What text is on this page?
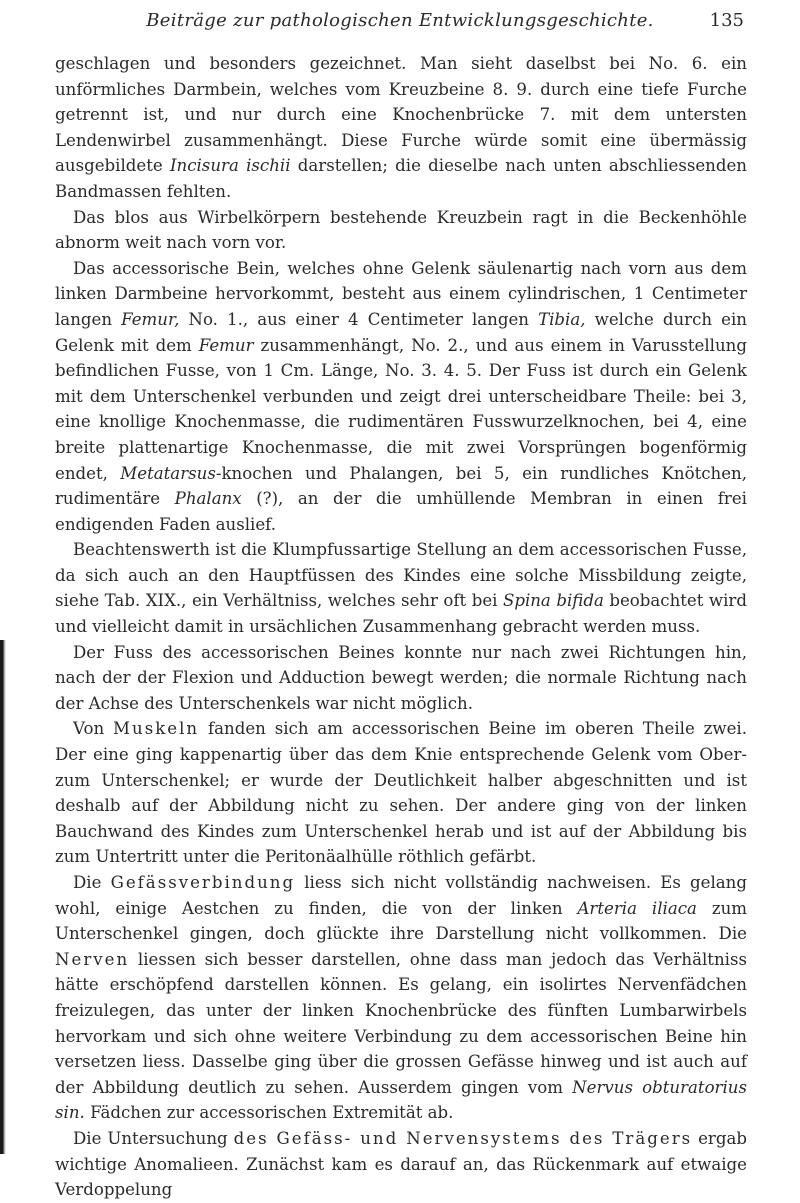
Beiträge zur pathologischen Entwicklungsgeschichte.	135

geschlagen und besonders gezeichnet. Man sieht daselbst bei No. 6. ein unförmliches Darmbein, welches vom Kreuzbeine 8. 9. durch eine tiefe Furche getrennt ist, und nur durch eine Knochenbrücke 7. mit dem untersten Lendenwirbel zusammenhängt. Diese Furche würde somit eine übermässig ausgebildete Incisura ischii darstellen; die dieselbe nach unten abschliessenden Bandmassen fehlten.

Das blos aus Wirbelkörpern bestehende Kreuzbein ragt in die Beckenhöhle abnorm weit nach vorn vor.

Das accessorische Bein, welches ohne Gelenk säulenartig nach vorn aus dem linken Darmbeine hervorkommt, besteht aus einem cylindrischen, 1 Centimeter langen Femur, No. 1., aus einer 4 Centimeter langen Tibia, welche durch ein Gelenk mit dem Femur zusammenhängt, No. 2., und aus einem in Varusstellung befindlichen Fusse, von 1 Cm. Länge, No. 3. 4. 5. Der Fuss ist durch ein Gelenk mit dem Unterschenkel verbunden und zeigt drei unterscheidbare Theile: bei 3, eine knollige Knochenmasse, die rudimentären Fusswurzelknochen, bei 4, eine breite plattenartige Knochenmasse, die mit zwei Vorsprüngen bogenförmig endet, Metatarsus-knochen und Phalangen, bei 5, ein rundliches Knötchen, rudimentäre Phalanx (?), an der die umhüllende Membran in einen frei endigenden Faden auslief.

Beachtenswerth ist die Klumpfussartige Stellung an dem accessorischen Fusse, da sich auch an den Hauptfüssen des Kindes eine solche Missbildung zeigte, siehe Tab. XIX., ein Verhältniss, welches sehr oft bei Spina bifida beobachtet wird und vielleicht damit in ursächlichen Zusammenhang gebracht werden muss.

Der Fuss des accessorischen Beines konnte nur nach zwei Richtungen hin, nach der der Flexion und Adduction bewegt werden; die normale Richtung nach der Achse des Unterschenkels war nicht möglich.

Von Muskeln fanden sich am accessorischen Beine im oberen Theile zwei. Der eine ging kappenartig über das dem Knie entsprechende Gelenk vom Ober- zum Unterschenkel; er wurde der Deutlichkeit halber abgeschnitten und ist deshalb auf der Abbildung nicht zu sehen. Der andere ging von der linken Bauchwand des Kindes zum Unterschenkel herab und ist auf der Abbildung bis zum Untertritt unter die Peritonäalhülle röthlich gefärbt.

Die Gefässverbindung liess sich nicht vollständig nachweisen. Es gelang wohl, einige Aestchen zu finden, die von der linken Arteria iliaca zum Unterschenkel gingen, doch glückte ihre Darstellung nicht vollkommen. Die Nerven liessen sich besser darstellen, ohne dass man jedoch das Verhältniss hätte erschöpfend darstellen können. Es gelang, ein isolirtes Nervenfädchen freizulegen, das unter der linken Knochenbrücke des fünften Lumbarwirbels hervorkam und sich ohne weitere Verbindung zu dem accessorischen Beine hin versetzen liess. Dasselbe ging über die grossen Gefässe hinweg und ist auch auf der Abbildung deutlich zu sehen. Ausserdem gingen vom Nervus obturatorius sin. Fädchen zur accessorischen Extremität ab.

Die Untersuchung des Gefäss- und Nervensystems des Trägers ergab wichtige Anomalieen. Zunächst kam es darauf an, das Rückenmark auf etwaige Verdoppelung
